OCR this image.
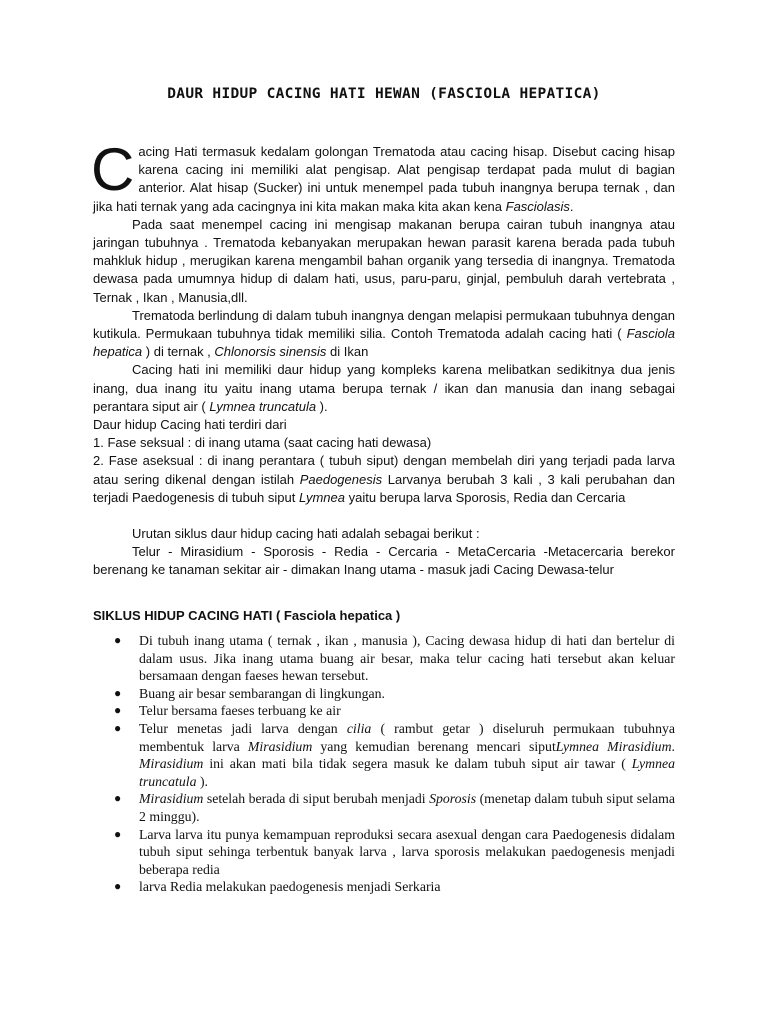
DAUR HIDUP CACING HATI HEWAN (FASCIOLA HEPATICA)

Cacing Hati termasuk kedalam golongan Trematoda atau cacing hisap. Disebut cacing hisap karena cacing ini memiliki alat pengisap. Alat pengisap terdapat pada mulut di bagian anterior. Alat hisap (Sucker) ini untuk menempel pada tubuh inangnya berupa ternak , dan jika hati ternak yang ada cacingnya ini kita makan maka kita akan kena Fasciolasis.

Pada saat menempel cacing ini mengisap makanan berupa cairan tubuh inangnya atau jaringan tubuhnya . Trematoda kebanyakan merupakan hewan parasit karena berada pada tubuh mahkluk hidup , merugikan karena mengambil bahan organik yang tersedia di inangnya. Trematoda dewasa pada umumnya hidup di dalam hati, usus, paru-paru, ginjal, pembuluh darah vertebrata , Ternak , Ikan , Manusia,dll.

Trematoda berlindung di dalam tubuh inangnya dengan melapisi permukaan tubuhnya dengan kutikula. Permukaan tubuhnya tidak memiliki silia. Contoh Trematoda adalah cacing hati ( Fasciola hepatica ) di ternak , Chlonorsis sinensis di Ikan

Cacing hati ini memiliki daur hidup yang kompleks karena melibatkan sedikitnya dua jenis inang, dua inang itu yaitu inang utama berupa ternak / ikan dan manusia dan inang sebagai perantara siput air ( Lymnea truncatula ).

Daur hidup Cacing hati terdiri dari

1. Fase seksual : di inang utama (saat cacing hati dewasa)

2. Fase aseksual : di inang perantara ( tubuh siput) dengan membelah diri yang terjadi pada larva atau sering dikenal dengan istilah Paedogenesis Larvanya berubah 3 kali , 3 kali perubahan dan terjadi Paedogenesis di tubuh siput Lymnea yaitu berupa larva Sporosis, Redia dan Cercaria

Urutan siklus daur hidup cacing hati adalah sebagai berikut :

Telur - Mirasidium - Sporosis - Redia - Cercaria - MetaCercaria -Metacercaria berekor berenang ke tanaman sekitar air - dimakan Inang utama - masuk jadi Cacing Dewasa-telur

SIKLUS HIDUP CACING HATI ( Fasciola hepatica )
● Di tubuh inang utama ( ternak , ikan , manusia ), Cacing dewasa hidup di hati dan bertelur di dalam usus. Jika inang utama buang air besar, maka telur cacing hati tersebut akan keluar bersamaan dengan faeses hewan tersebut.
● Buang air besar sembarangan di lingkungan.
● Telur bersama faeses terbuang ke air
● Telur menetas jadi larva dengan cilia ( rambut getar ) diseluruh permukaan tubuhnya membentuk larva Mirasidium yang kemudian berenang mencari siputLymnea Mirasidium. Mirasidium ini akan mati bila tidak segera masuk ke dalam tubuh siput air tawar ( Lymnea truncatula ).
● Mirasidium setelah berada di siput berubah menjadi Sporosis (menetap dalam tubuh siput selama 2 minggu).
● Larva larva itu punya kemampuan reproduksi secara asexual dengan cara Paedogenesis didalam tubuh siput sehinga terbentuk banyak larva , larva sporosis melakukan paedogenesis menjadi beberapa redia
● larva Redia melakukan paedogenesis menjadi Serkaria
